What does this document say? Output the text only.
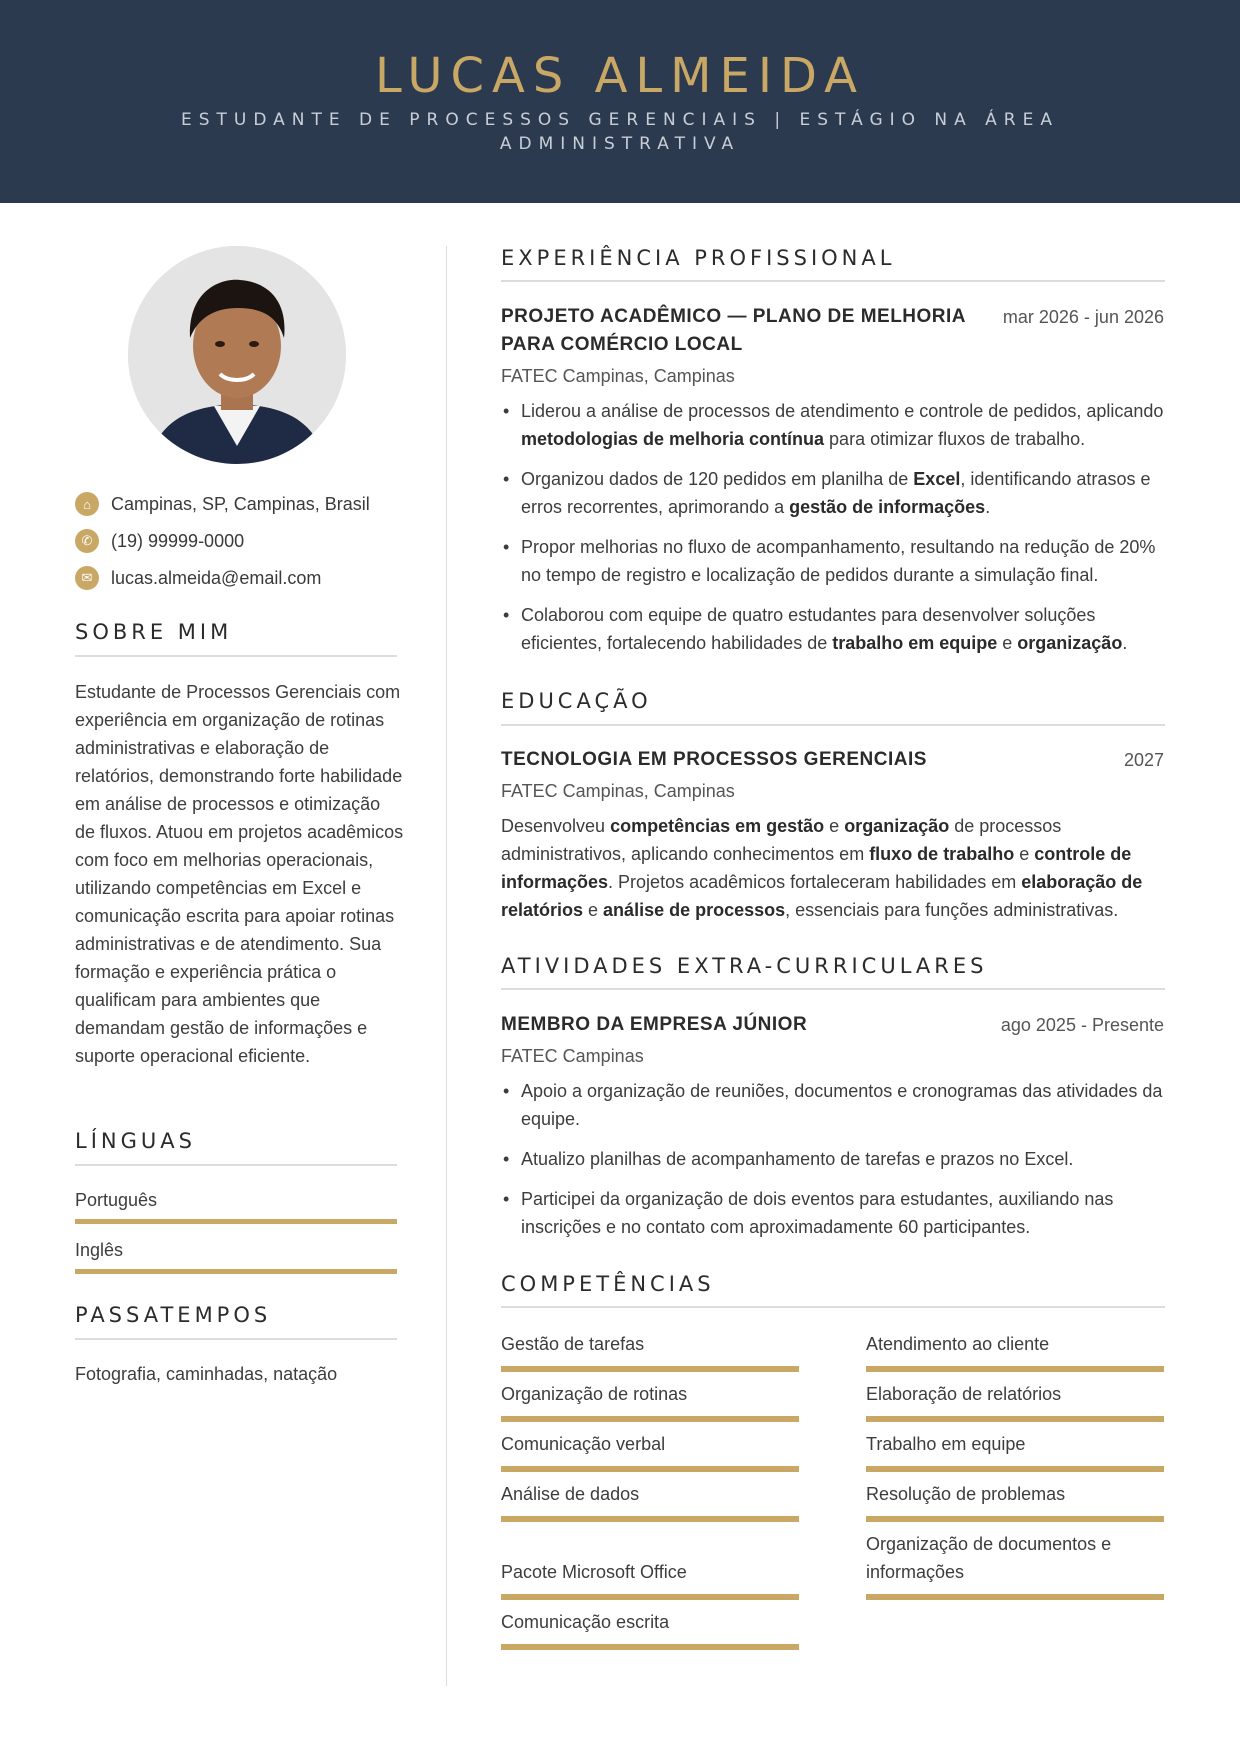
LUCAS ALMEIDA
ESTUDANTE DE PROCESSOS GERENCIAIS | ESTÁGIO NA ÁREA ADMINISTRATIVA
⌂	Campinas, SP, Campinas, Brasil
✆	(19) 99999-0000
✉	lucas.almeida@email.com
SOBRE MIM
Estudante de Processos Gerenciais com experiência em organização de rotinas administrativas e elaboração de relatórios, demonstrando forte habilidade em análise de processos e otimização de fluxos. Atuou em projetos acadêmicos com foco em melhorias operacionais, utilizando competências em Excel e comunicação escrita para apoiar rotinas administrativas e de atendimento. Sua formação e experiência prática o qualificam para ambientes que demandam gestão de informações e suporte operacional eficiente.
LÍNGUAS
Português
Inglês
PASSATEMPOS
Fotografia, caminhadas, natação
EXPERIÊNCIA PROFISSIONAL
PROJETO ACADÊMICO — PLANO DE MELHORIA
PARA COMÉRCIO LOCAL
mar 2026 - jun 2026
FATEC Campinas, Campinas
• Liderou a análise de processos de atendimento e controle de pedidos, aplicando metodologias de melhoria contínua para otimizar fluxos de trabalho.
• Organizou dados de 120 pedidos em planilha de Excel, identificando atrasos e erros recorrentes, aprimorando a gestão de informações.
• Propor melhorias no fluxo de acompanhamento, resultando na redução de 20% no tempo de registro e localização de pedidos durante a simulação final.
• Colaborou com equipe de quatro estudantes para desenvolver soluções eficientes, fortalecendo habilidades de trabalho em equipe e organização.
EDUCAÇÃO
TECNOLOGIA EM PROCESSOS GERENCIAIS	2027
FATEC Campinas, Campinas
Desenvolveu competências em gestão e organização de processos administrativos, aplicando conhecimentos em fluxo de trabalho e controle de informações. Projetos acadêmicos fortaleceram habilidades em elaboração de relatórios e análise de processos, essenciais para funções administrativas.
ATIVIDADES EXTRA-CURRICULARES
MEMBRO DA EMPRESA JÚNIOR	ago 2025 - Presente
FATEC Campinas
• Apoio a organização de reuniões, documentos e cronogramas das atividades da equipe.
• Atualizo planilhas de acompanhamento de tarefas e prazos no Excel.
• Participei da organização de dois eventos para estudantes, auxiliando nas inscrições e no contato com aproximadamente 60 participantes.
COMPETÊNCIAS
Gestão de tarefas
Organização de rotinas
Comunicação verbal
Análise de dados
Pacote Microsoft Office
Comunicação escrita
Atendimento ao cliente
Elaboração de relatórios
Trabalho em equipe
Resolução de problemas
Organização de documentos e informações
